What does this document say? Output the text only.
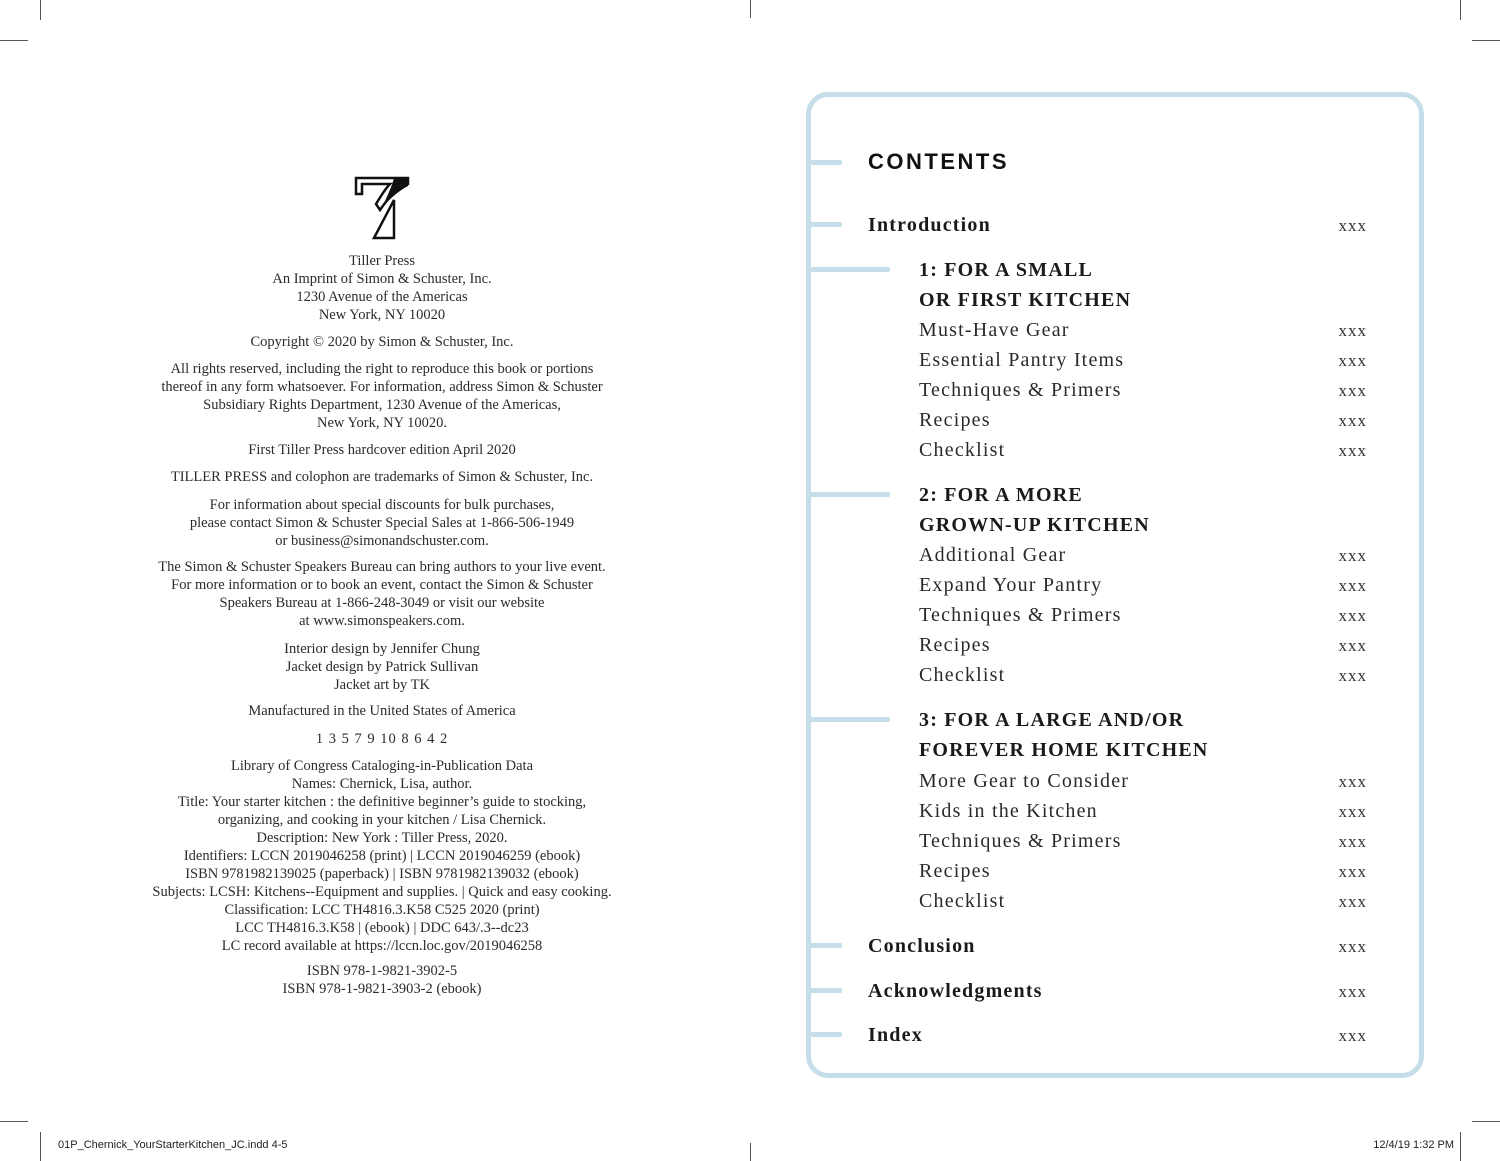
Tiller Press
An Imprint of Simon & Schuster, Inc.
1230 Avenue of the Americas
New York, NY 10020
Copyright © 2020 by Simon & Schuster, Inc.
All rights reserved, including the right to reproduce this book or portions
thereof in any form whatsoever. For information, address Simon & Schuster
Subsidiary Rights Department, 1230 Avenue of the Americas,
New York, NY 10020.
First Tiller Press hardcover edition April 2020
TILLER PRESS and colophon are trademarks of Simon & Schuster, Inc.
For information about special discounts for bulk purchases,
please contact Simon & Schuster Special Sales at 1-866-506-1949
or business@simonandschuster.com.
The Simon & Schuster Speakers Bureau can bring authors to your live event.
For more information or to book an event, contact the Simon & Schuster
Speakers Bureau at 1-866-248-3049 or visit our website
at www.simonspeakers.com.
Interior design by Jennifer Chung
Jacket design by Patrick Sullivan
Jacket art by TK
Manufactured in the United States of America
1 3 5 7 9 10 8 6 4 2
Library of Congress Cataloging-in-Publication Data
Names: Chernick, Lisa, author.
Title: Your starter kitchen : the definitive beginner’s guide to stocking,
organizing, and cooking in your kitchen / Lisa Chernick.
Description: New York : Tiller Press, 2020.
Identifiers: LCCN 2019046258 (print) | LCCN 2019046259 (ebook)
ISBN 9781982139025 (paperback) | ISBN 9781982139032 (ebook)
Subjects: LCSH: Kitchens--Equipment and supplies. | Quick and easy cooking.
Classification: LCC TH4816.3.K58 C525 2020 (print)
LCC TH4816.3.K58 | (ebook) | DDC 643/.3--dc23
LC record available at https://lccn.loc.gov/2019046258
ISBN 978-1-9821-3902-5
ISBN 978-1-9821-3903-2 (ebook)
CONTENTS
Introduction	xxx
1: FOR A SMALL
OR FIRST KITCHEN
Must-Have Gear	xxx
Essential Pantry Items	xxx
Techniques & Primers	xxx
Recipes	xxx
Checklist	xxx
2: FOR A MORE
GROWN-UP KITCHEN
Additional Gear	xxx
Expand Your Pantry	xxx
Techniques & Primers	xxx
Recipes	xxx
Checklist	xxx
3: FOR A LARGE AND/OR
FOREVER HOME KITCHEN
More Gear to Consider	xxx
Kids in the Kitchen	xxx
Techniques & Primers	xxx
Recipes	xxx
Checklist	xxx
Conclusion	xxx
Acknowledgments	xxx
Index	xxx
01P_Chernick_YourStarterKitchen_JC.indd 4-5	12/4/19 1:32 PM
